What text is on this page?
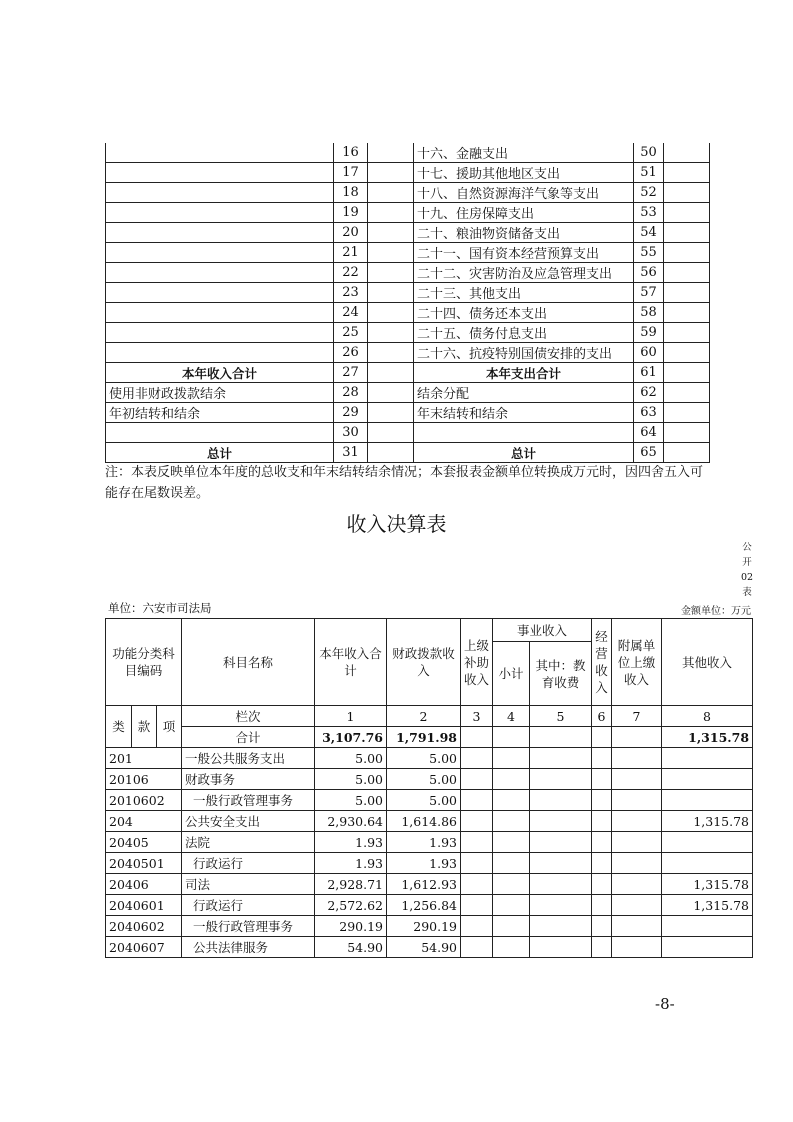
	16		十六、金融支出	50	
	17		十七、援助其他地区支出	51	
	18		十八、自然资源海洋气象等支出	52	
	19		十九、住房保障支出	53	
	20		二十、粮油物资储备支出	54	
	21		二十一、国有资本经营预算支出	55	
	22		二十二、灾害防治及应急管理支出	56	
	23		二十三、其他支出	57	
	24		二十四、债务还本支出	58	
	25		二十五、债务付息支出	59	
	26		二十六、抗疫特别国债安排的支出	60	
本年收入合计	27		本年支出合计	61	
使用非财政拨款结余	28		结余分配	62	
年初结转和结余	29		年末结转和结余	63	
	30			64	
总计	31		总计	65	
注：本表反映单位本年度的总收支和年末结转结余情况；本套报表金额单位转换成万元时，因四舍五入可能存在尾数误差。
收入决算表
公
开
02
表
单位：六安市司法局	金额单位：万元
功能分类科目编码			科目名称	本年收入合计	财政拨款收入	上级补助收入	事业收入		经营收入	附属单位上缴收入	其他收入
							小计	其中：教育收费			

类	款	项	栏次	1	2	3	4	5	6	7	8
			合计	3,107.76	1,791.98						1,315.78
201			一般公共服务支出	5.00	5.00						
20106			财政事务	5.00	5.00						
2010602			一般行政管理事务	5.00	5.00						
204			公共安全支出	2,930.64	1,614.86						1,315.78
20405			法院	1.93	1.93						
2040501			行政运行	1.93	1.93						
20406			司法	2,928.71	1,612.93						1,315.78
2040601			行政运行	2,572.62	1,256.84						1,315.78
2040602			一般行政管理事务	290.19	290.19						
2040607			公共法律服务	54.90	54.90						
-8-
